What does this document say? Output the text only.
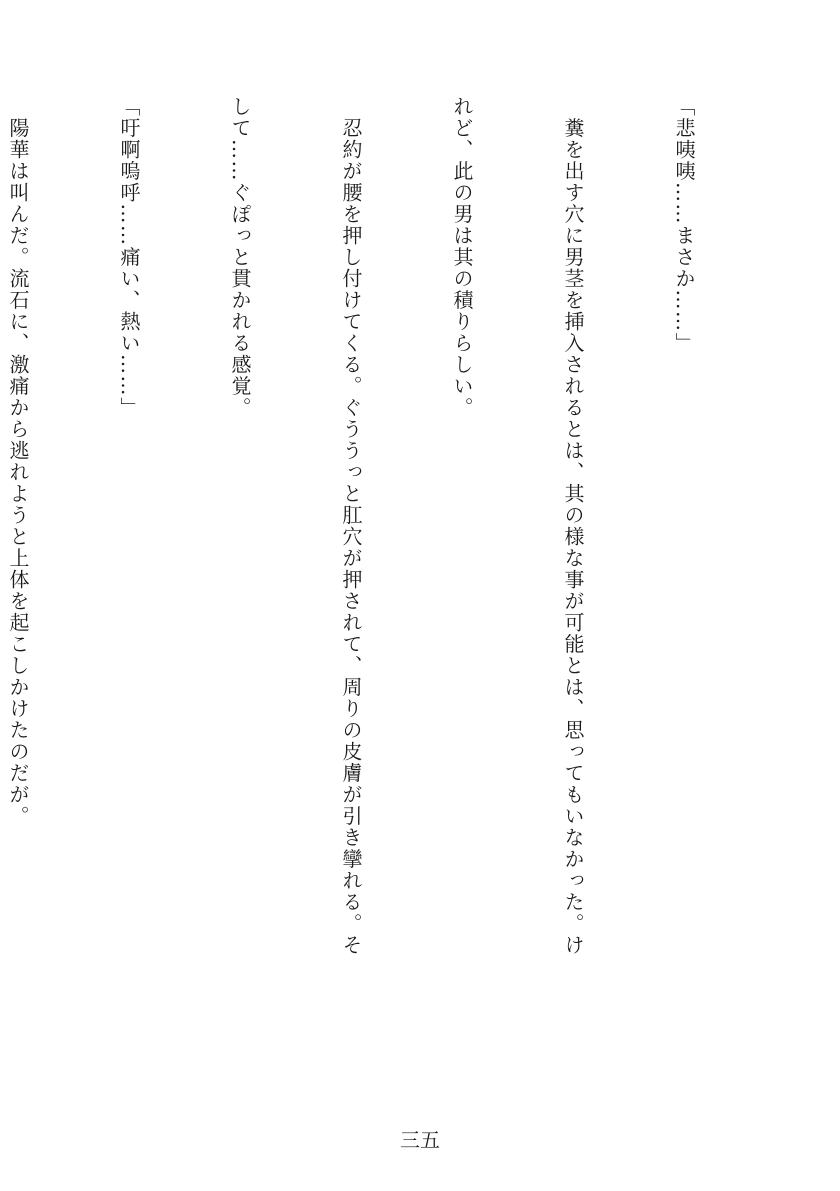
「悲咦咦……まさか……」

　糞を出す穴に男茎を挿入されるとは、其の様な事が可能とは、思ってもいなかった。け

れど、此の男は其の積りらしい。

　忍約が腰を押し付けてくる。ぐううっと肛穴が押されて、周りの皮膚が引き攣れる。そ

して……ぐぽっと貫かれる感覚。

「吁啊嗚呼……痛い、熱い……」

　陽華は叫んだ。流石に、激痛から逃れようと上体を起こしかけたのだが。

三五
